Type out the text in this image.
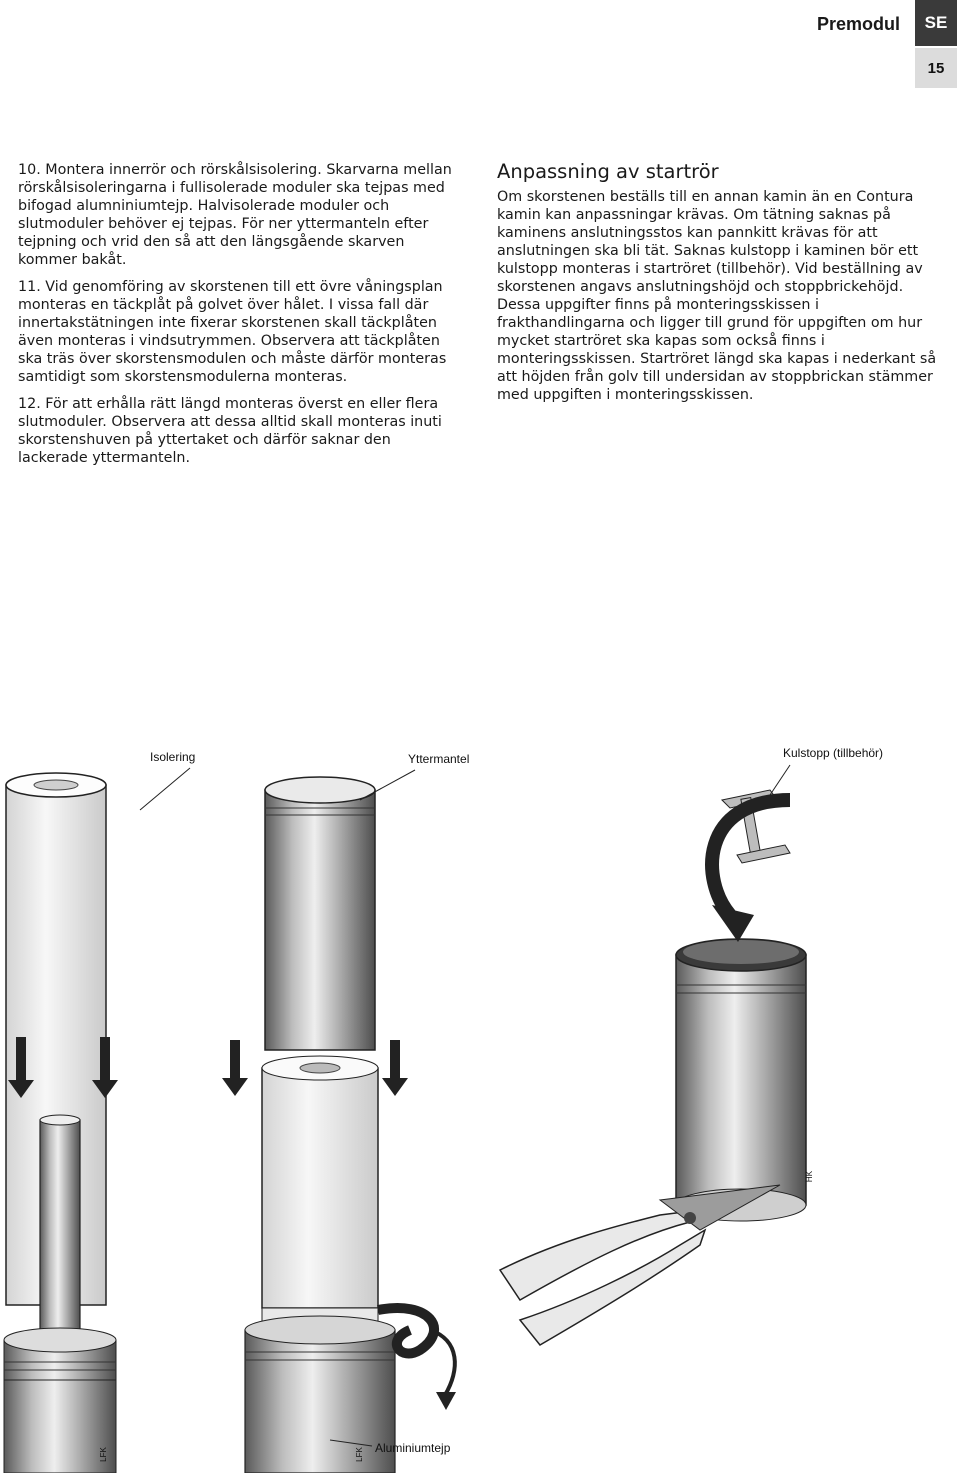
Premodul	SE
15

10. Montera innerrör och rörskålsisolering. Skarvarna mellan rörskålsisoleringarna i fullisolerade moduler ska tejpas med bifogad alumniniumtejp. Halvisolerade moduler och slutmoduler behöver ej tejpas. För ner yttermanteln efter tejpning och vrid den så att den längsgående skarven kommer bakåt.

11. Vid genomföring av skorstenen till ett övre våningsplan monteras en täckplåt på golvet över hålet. I vissa fall där innertakstätningen inte fixerar skorstenen skall täckplåten även monteras i vindsutrymmen. Observera att täckplåten ska träs över skorstensmodulen och måste därför monteras samtidigt som skorstensmodulerna monteras.

12. För att erhålla rätt längd monteras överst en eller flera slutmoduler. Observera att dessa alltid skall monteras inuti skorstenshuven på yttertaket och därför saknar den lackerade yttermanteln.

Anpassning av startrör

Om skorstenen beställs till en annan kamin än en Contura kamin kan anpassningar krävas. Om tätning saknas på kaminens anslutningsstos kan pannkitt krävas för att anslutningen ska bli tät. Saknas kulstopp i kaminen bör ett kulstopp monteras i startröret (tillbehör). Vid beställning av skorstenen angavs anslutningshöjd och stoppbrickehöjd. Dessa uppgifter finns på monteringsskissen i frakthandlingarna och ligger till grund för uppgiften om hur mycket startröret ska kapas som också finns i monteringsskissen. Startröret längd ska kapas i nederkant så att höjden från golv till undersidan av stoppbrickan stämmer med uppgiften i monteringsskissen.

Isolering	Yttermantel	Kulstopp (tillbehör)
Aluminiumtejp
LFK	LFK
HK
